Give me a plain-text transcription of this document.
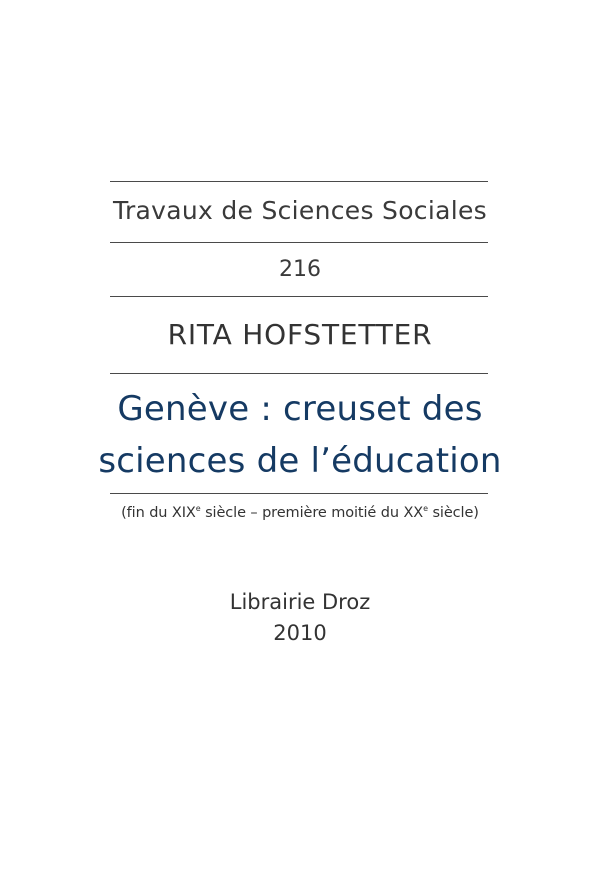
Travaux de Sciences Sociales
216
RITA HOFSTETTER
Genève : creuset des
sciences de l’éducation
(fin du XIXe siècle – première moitié du XXe siècle)
Librairie Droz
2010
